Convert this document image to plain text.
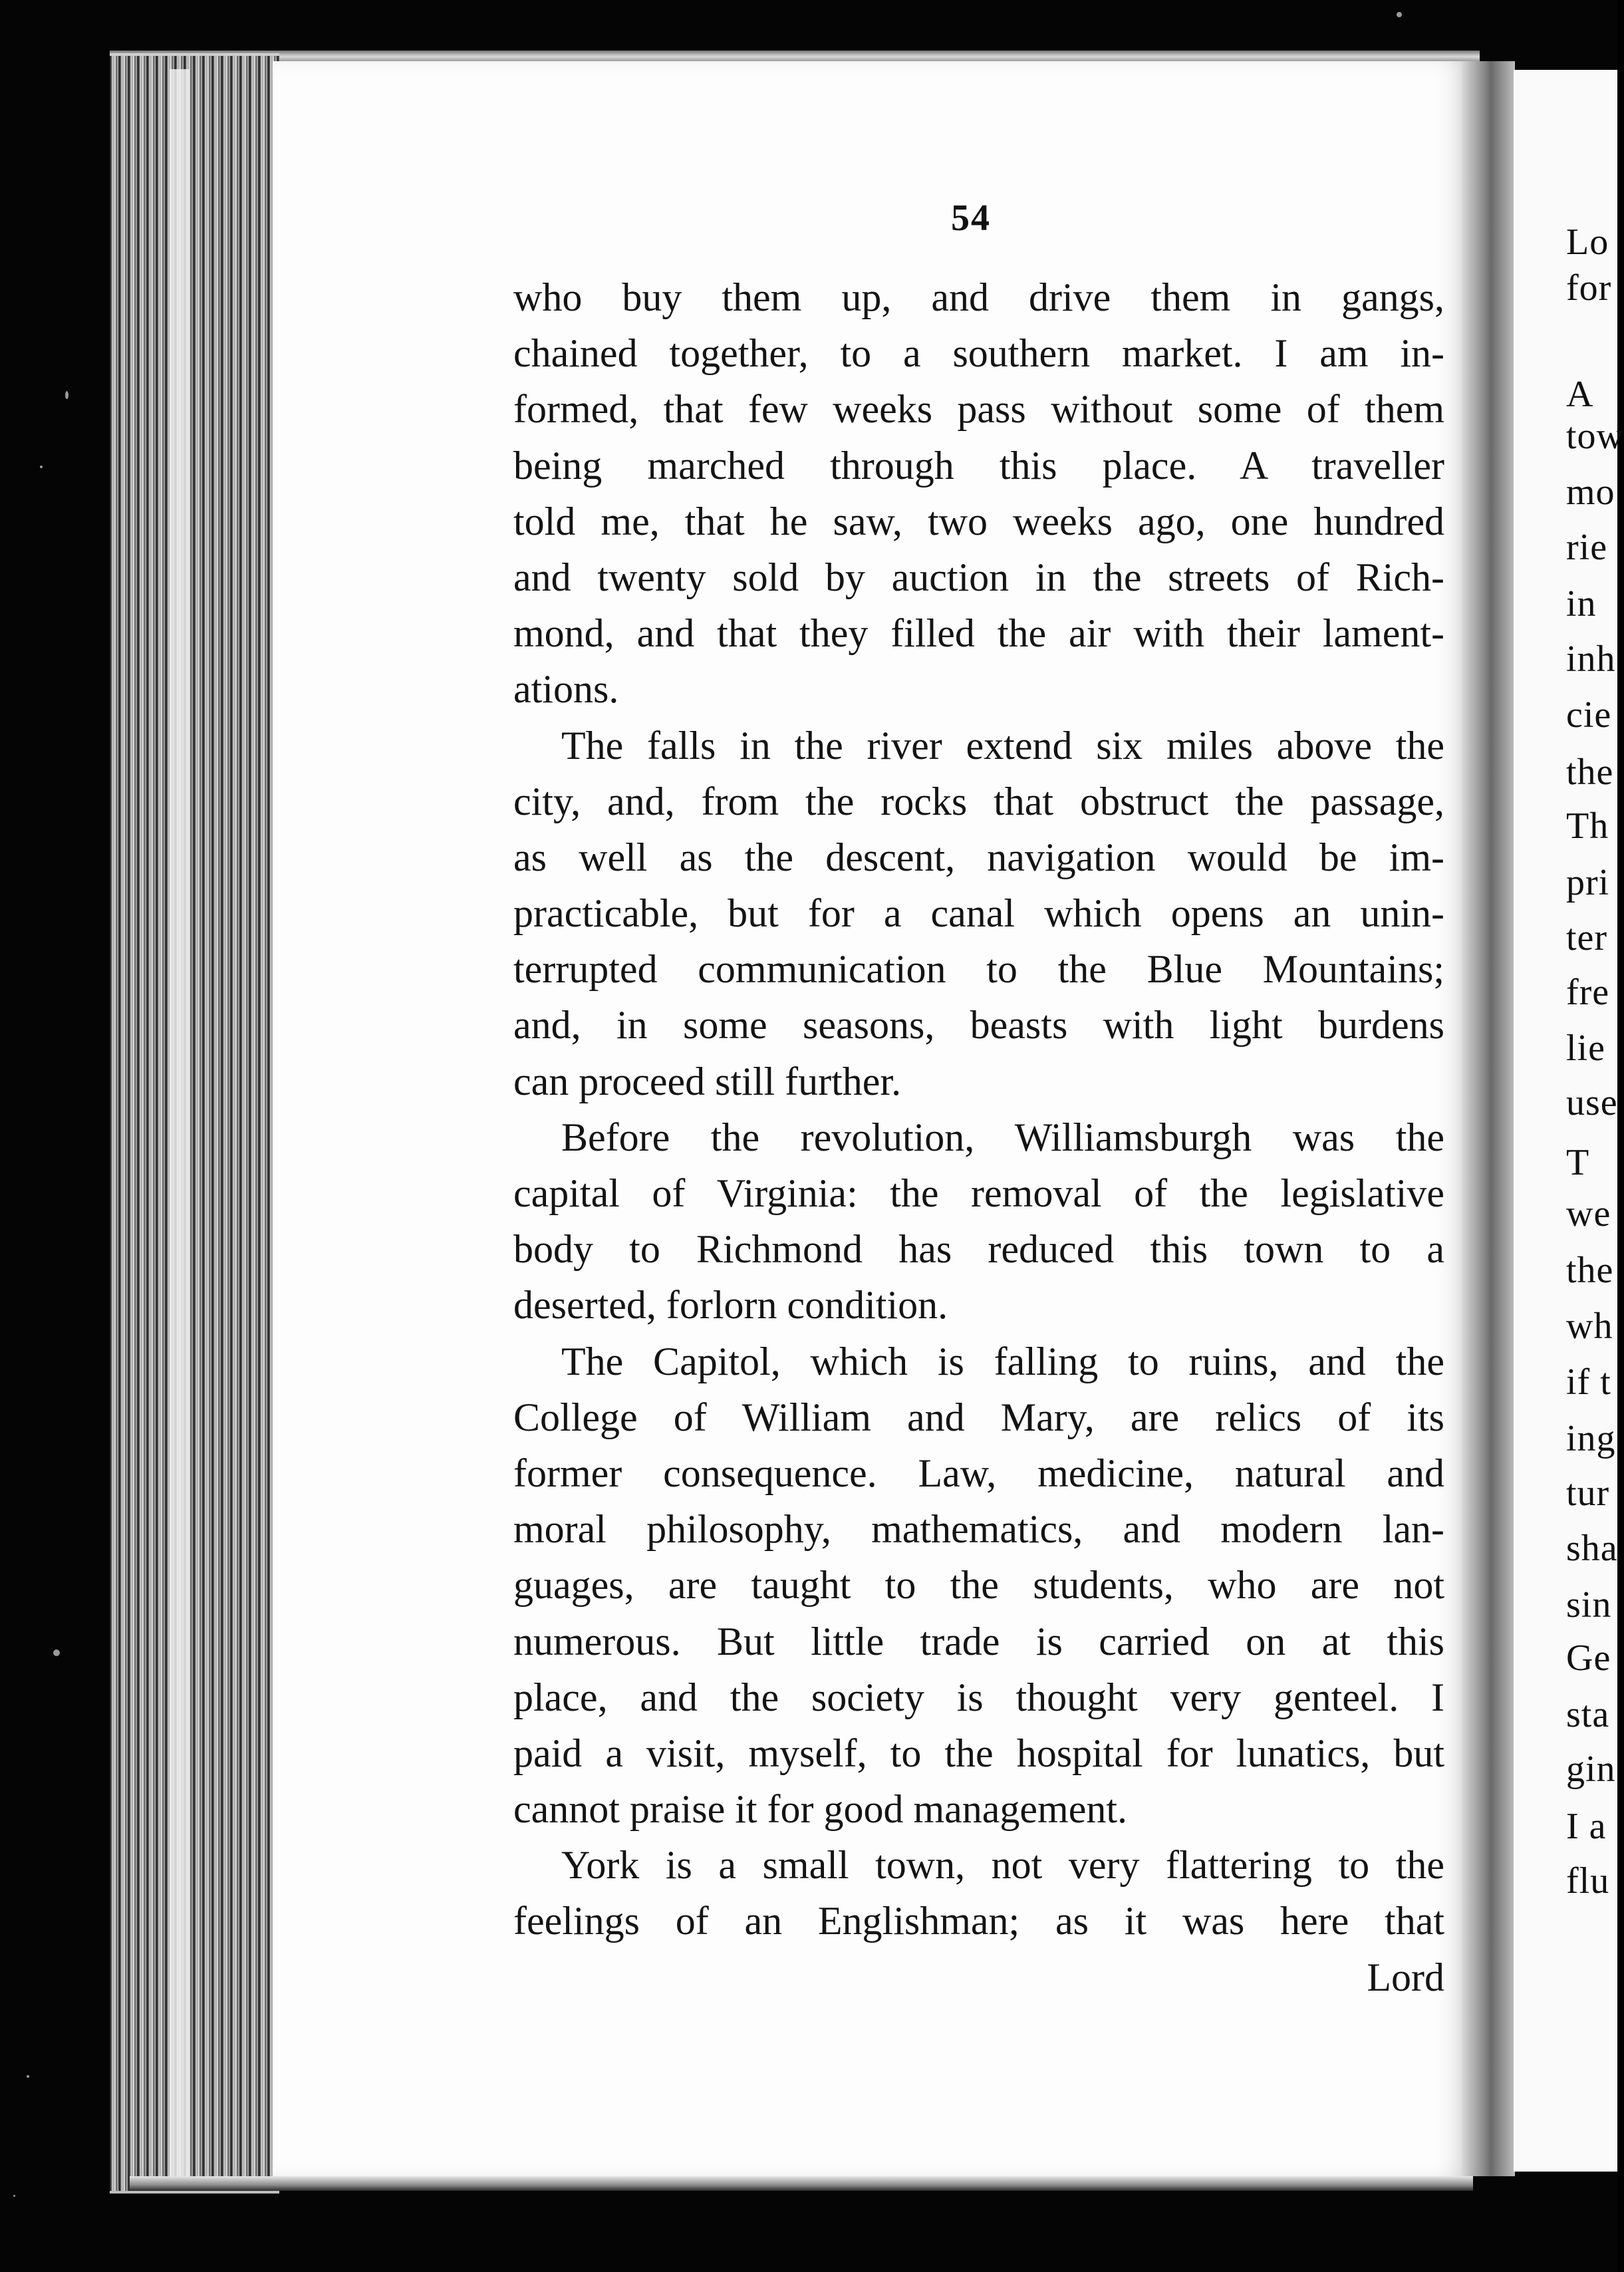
54
who buy them up, and drive them in gangs,
chained together, to a southern market. I am in-
formed, that few weeks pass without some of them
being marched through this place. A traveller
told me, that he saw, two weeks ago, one hundred
and twenty sold by auction in the streets of Rich-
mond, and that they filled the air with their lament-
ations.
The falls in the river extend six miles above the
city, and, from the rocks that obstruct the passage,
as well as the descent, navigation would be im-
practicable, but for a canal which opens an unin-
terrupted communication to the Blue Mountains;
and, in some seasons, beasts with light burdens
can proceed still further.
Before the revolution, Williamsburgh was the
capital of Virginia: the removal of the legislative
body to Richmond has reduced this town to a
deserted, forlorn condition.
The Capitol, which is falling to ruins, and the
College of William and Mary, are relics of its
former consequence. Law, medicine, natural and
moral philosophy, mathematics, and modern lan-
guages, are taught to the students, who are not
numerous. But little trade is carried on at this
place, and the society is thought very genteel. I
paid a visit, myself, to the hospital for lunatics, but
cannot praise it for good management.
York is a small town, not very flattering to the
feelings of an Englishman; as it was here that
Lord
Lo
for
A
tow
mo
rie
in
inh
cie
the
Th
pri
ter
fre
lie
use
T
we
the
wh
if t
ing
tur
sha
sin
Ge
sta
gin
I a
flu
